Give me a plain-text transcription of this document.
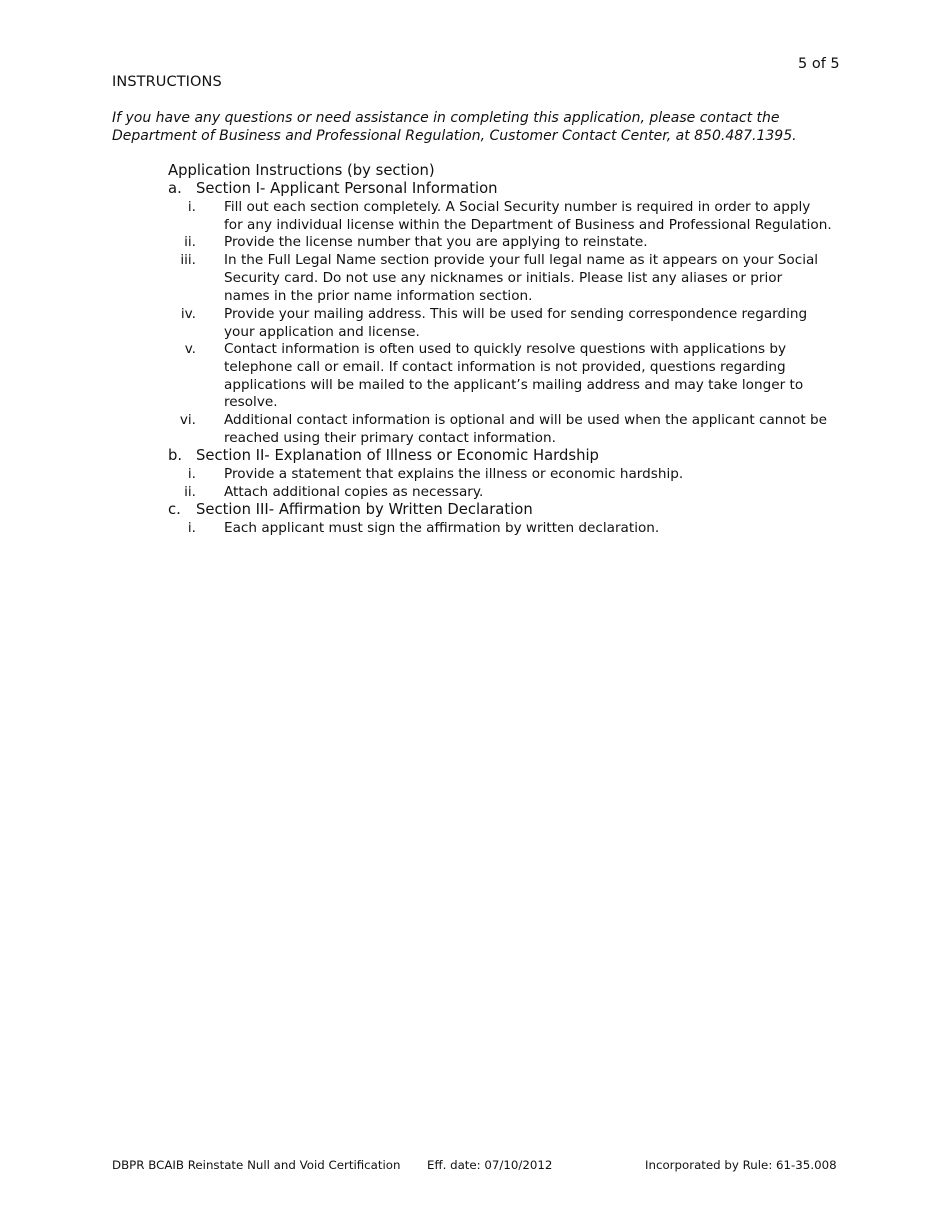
5 of 5
INSTRUCTIONS
If you have any questions or need assistance in completing this application, please contact the
Department of Business and Professional Regulation, Customer Contact Center, at 850.487.1395.
Application Instructions (by section)
a. Section I- Applicant Personal Information
i. Fill out each section completely. A Social Security number is required in order to apply
for any individual license within the Department of Business and Professional Regulation.
ii. Provide the license number that you are applying to reinstate.
iii. In the Full Legal Name section provide your full legal name as it appears on your Social
Security card. Do not use any nicknames or initials. Please list any aliases or prior
names in the prior name information section.
iv. Provide your mailing address. This will be used for sending correspondence regarding
your application and license.
v. Contact information is often used to quickly resolve questions with applications by
telephone call or email. If contact information is not provided, questions regarding
applications will be mailed to the applicant’s mailing address and may take longer to
resolve.
vi. Additional contact information is optional and will be used when the applicant cannot be
reached using their primary contact information.
b. Section II- Explanation of Illness or Economic Hardship
i. Provide a statement that explains the illness or economic hardship.
ii. Attach additional copies as necessary.
c. Section III- Affirmation by Written Declaration
i. Each applicant must sign the affirmation by written declaration.
DBPR BCAIB Reinstate Null and Void Certification Eff. date: 07/10/2012	Incorporated by Rule: 61-35.008
